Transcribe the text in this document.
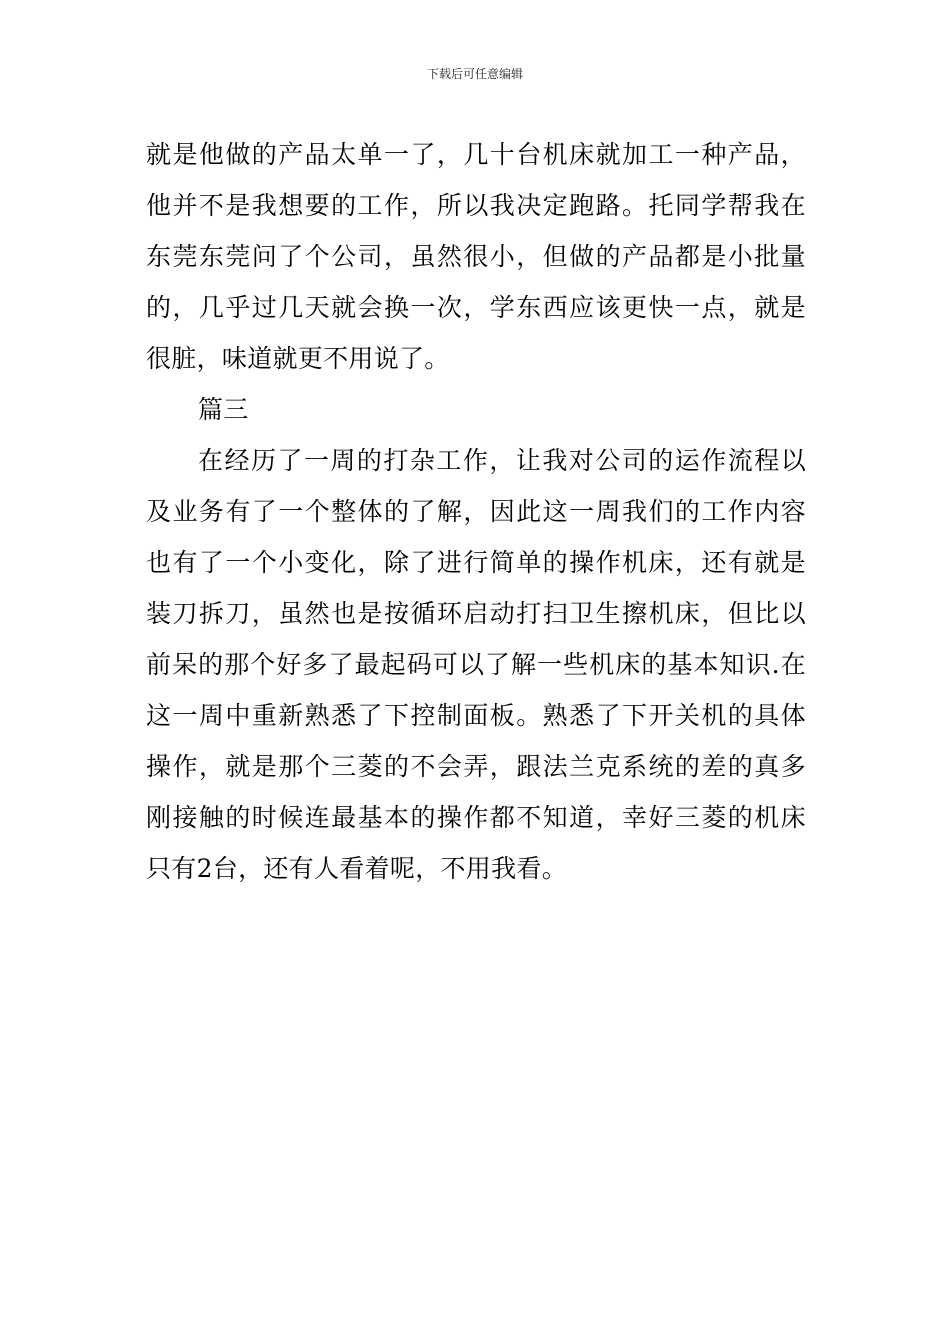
下载后可任意编辑
就是他做的产品太单一了，几十台机床就加工一种产品，
他并不是我想要的工作，所以我决定跑路。托同学帮我在
东莞东莞问了个公司，虽然很小，但做的产品都是小批量
的，几乎过几天就会换一次，学东西应该更快一点，就是
很脏，味道就更不用说了。
篇三
在经历了一周的打杂工作，让我对公司的运作流程以
及业务有了一个整体的了解，因此这一周我们的工作内容
也有了一个小变化，除了进行简单的操作机床，还有就是
装刀拆刀，虽然也是按循环启动打扫卫生擦机床，但比以
前呆的那个好多了最起码可以了解一些机床的基本知识.在
这一周中重新熟悉了下控制面板。熟悉了下开关机的具体
操作，就是那个三菱的不会弄，跟法兰克系统的差的真多
刚接触的时候连最基本的操作都不知道，幸好三菱的机床
只有2台，还有人看着呢，不用我看。
